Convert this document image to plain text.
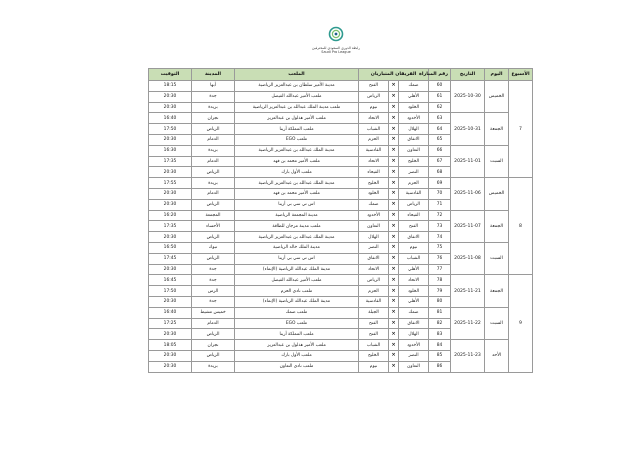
رابطة الدوري السعودي للمحترفين
Saudi Pro League
الأسبوع	اليوم	التاريخ	رقم المباراة	الفريقان المتباريان			الملعب	المدينة	التوقيت
7	الخميس	2025-10-30	60	ضمك	×	الفتح	مدينة الأمير سلطان بن عبدالعزيز الرياضية	أبها	18:15
			61	الأهلي	×	الرياض	ملعب الأمير عبدالله الفيصل	جدة	20:30
			62	الخلود	×	نيوم	ملعب مدينة الملك عبدالله بن عبدالعزيز الرياضية	بريدة	20:30
	الجمعة	2025-10-31	63	الأخدود	×	الاتحاد	ملعب الأمير هذلول بن عبدالعزيز	نجران	16:40
			64	الهلال	×	الشباب	ملعب المملكة أرينا	الرياض	17:50
			65	الاتفاق	×	الحزم	ملعب EGO	الدمام	20:30
	السبت	2025-11-01	66	التعاون	×	القادسية	مدينة الملك عبدالله بن عبدالعزيز الرياضية	بريدة	16:30
			67	الخليج	×	الاتحاد	ملعب الأمير محمد بن فهد	الدمام	17:35
			68	النصر	×	الفيحاء	ملعب الأول بارك	الرياض	20:30
8	الخميس	2025-11-06	69	الحزم	×	الخليج	مدينة الملك عبدالله بن عبدالعزيز الرياضية	بريدة	17:55
			70	القادسية	×	الخلود	ملعب الأمير محمد بن فهد	الدمام	20:30
			71	الرياض	×	ضمك	اس تي سي بي أرينا	الرياض	20:30
	الجمعة	2025-11-07	72	الفيحاء	×	الأخدود	مدينة المجمعة الرياضية	المجمعة	16:20
			73	الفتح	×	التعاون	ملعب مدينة مرجان للطاقة	الأحساء	17:35
			74	الاتفاق	×	الهلال	مدينة الملك عبدالله بن عبدالعزيز الرياضية	الرياض	20:30
	السبت	2025-11-08	75	نيوم	×	النصر	مدينة الملك خالد الرياضية	تبوك	16:50
			76	الشباب	×	الاتفاق	اس تي سي بي أرينا	الرياض	17:45
			77	الأهلي	×	الاتحاد	مدينة الملك عبدالله الرياضية (الإنماء)	جدة	20:30
9	الجمعة	2025-11-21	78	الاتحاد	×	الرياض	ملعب الأمير عبدالله الفيصل	جدة	16:45
			79	الخلود	×	الحزم	ملعب نادي الحزم	الرس	17:50
			80	الأهلي	×	القادسية	مدينة الملك عبدالله الرياضية (الإنماء)	جدة	20:30
	السبت	2025-11-22	81	ضمك	×	الجبلة	ملعب ضمك	خميس مشيط	16:40
			82	الاتفاق	×	الفتح	ملعب EGO	الدمام	17:25
			83	الهلال	×	الفتح	ملعب المملكة أرينا	الرياض	20:30
	الأحد	2025-11-23	84	الأخدود	×	الشباب	ملعب الأمير هذلول بن عبدالعزيز	نجران	18:05
			85	النصر	×	الخليج	ملعب الأول بارك	الرياض	20:30
			86	التعاون	×	نيوم	ملعب نادي التعاون	بريدة	20:30
